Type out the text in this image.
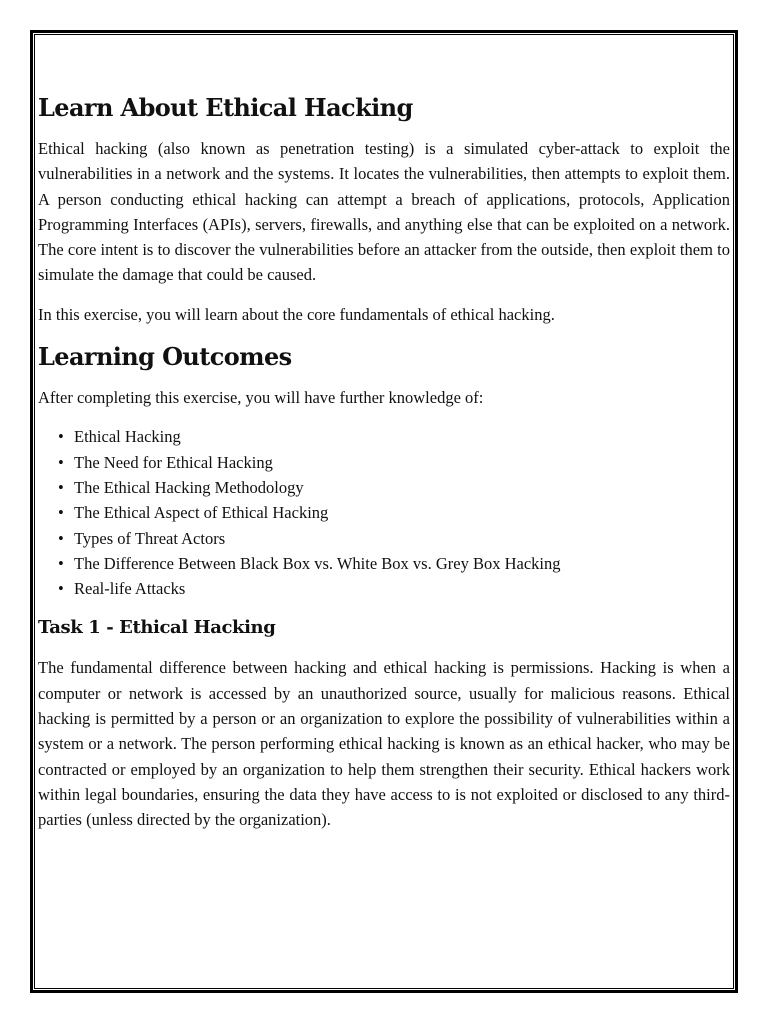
Learn About Ethical Hacking

Ethical hacking (also known as penetration testing) is a simulated cyber-attack to exploit the vulnerabilities in a network and the systems. It locates the vulnerabilities, then attempts to exploit them. A person conducting ethical hacking can attempt a breach of applications, protocols, Application Programming Interfaces (APIs), servers, firewalls, and anything else that can be exploited on a network. The core intent is to discover the vulnerabilities before an attacker from the outside, then exploit them to simulate the damage that could be caused.

In this exercise, you will learn about the core fundamentals of ethical hacking.

Learning Outcomes

After completing this exercise, you will have further knowledge of:

• Ethical Hacking
• The Need for Ethical Hacking
• The Ethical Hacking Methodology
• The Ethical Aspect of Ethical Hacking
• Types of Threat Actors
• The Difference Between Black Box vs. White Box vs. Grey Box Hacking
• Real-life Attacks
Task 1 - Ethical Hacking

The fundamental difference between hacking and ethical hacking is permissions. Hacking is when a computer or network is accessed by an unauthorized source, usually for malicious reasons. Ethical hacking is permitted by a person or an organization to explore the possibility of vulnerabilities within a system or a network. The person performing ethical hacking is known as an ethical hacker, who may be contracted or employed by an organization to help them strengthen their security. Ethical hackers work within legal boundaries, ensuring the data they have access to is not exploited or disclosed to any third-parties (unless directed by the organization).
